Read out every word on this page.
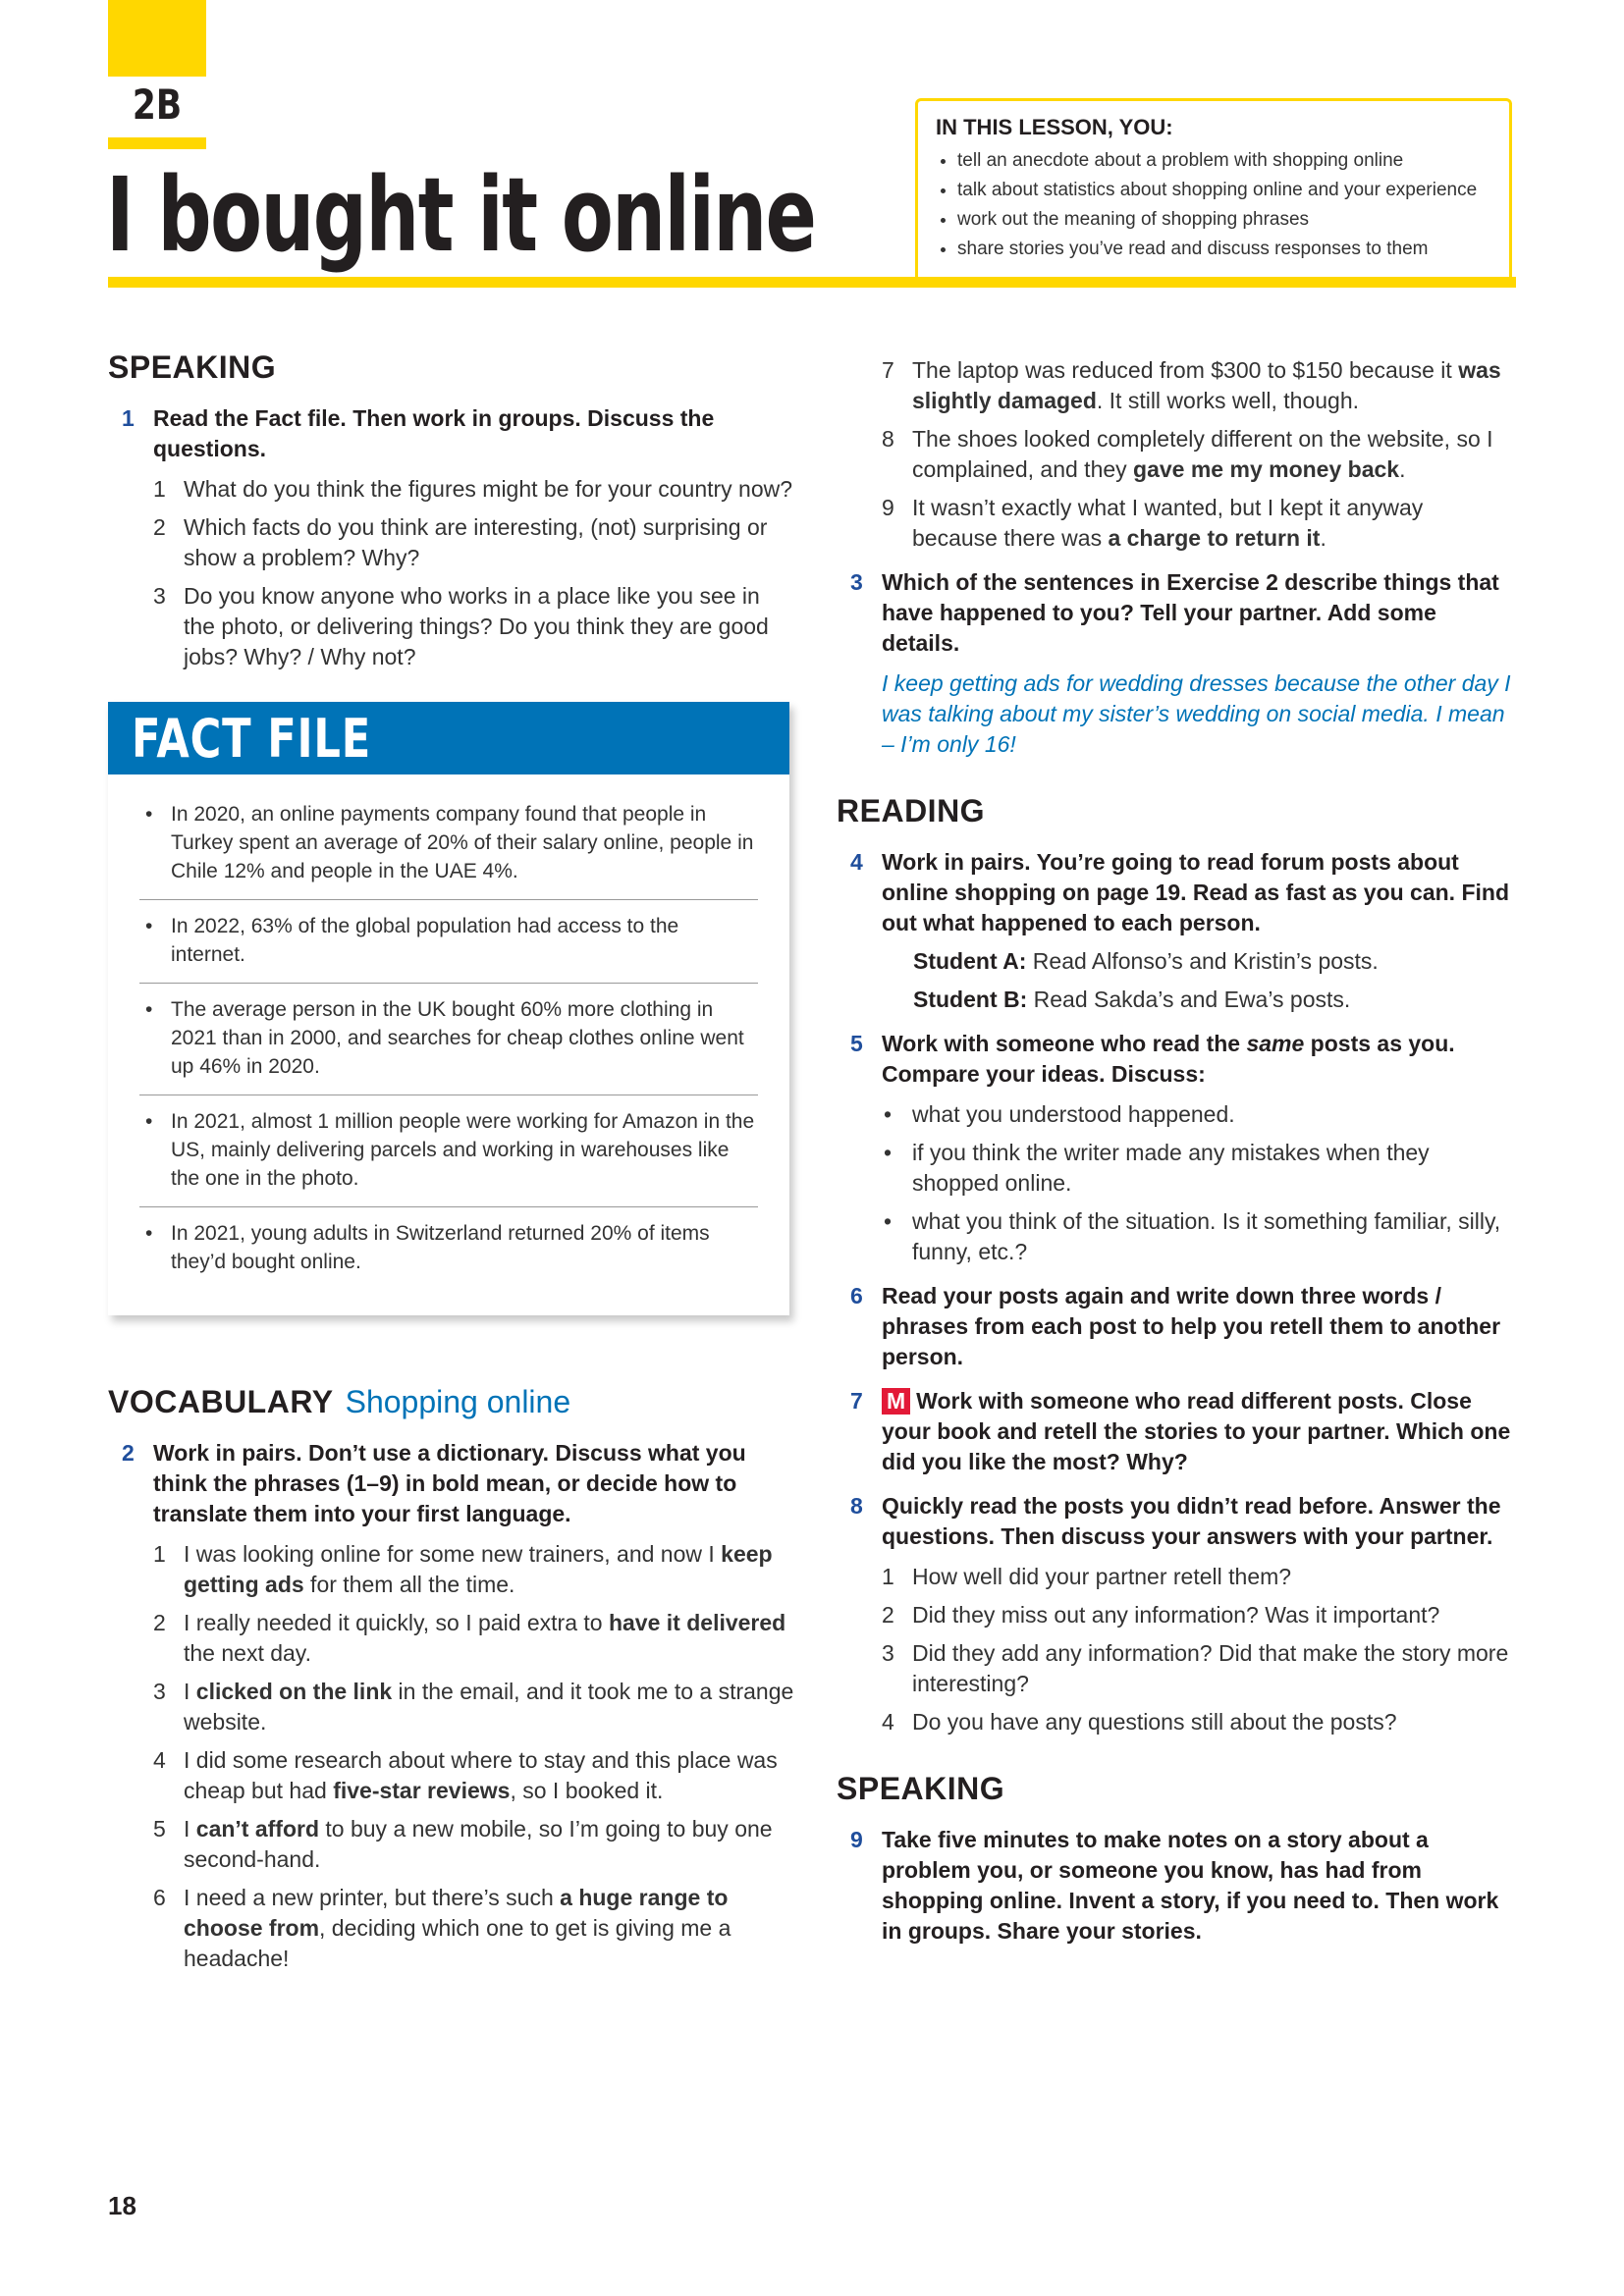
2B
I bought it online
IN THIS LESSON, YOU:
• tell an anecdote about a problem with shopping online
• talk about statistics about shopping online and your experience
• work out the meaning of shopping phrases
• share stories you’ve read and discuss responses to them
SPEAKING
1 Read the Fact file. Then work in groups. Discuss the questions.
1 What do you think the figures might be for your country now?
2 Which facts do you think are interesting, (not) surprising or show a problem? Why?
3 Do you know anyone who works in a place like you see in the photo, or delivering things? Do you think they are good jobs? Why? / Why not?
FACT FILE
• In 2020, an online payments company found that people in Turkey spent an average of 20% of their salary online, people in Chile 12% and people in the UAE 4%.
• In 2022, 63% of the global population had access to the internet.
• The average person in the UK bought 60% more clothing in 2021 than in 2000, and searches for cheap clothes online went up 46% in 2020.
• In 2021, almost 1 million people were working for Amazon in the US, mainly delivering parcels and working in warehouses like the one in the photo.
• In 2021, young adults in Switzerland returned 20% of items they’d bought online.
VOCABULARY Shopping online
2 Work in pairs. Don’t use a dictionary. Discuss what you think the phrases (1–9) in bold mean, or decide how to translate them into your first language.
1 I was looking online for some new trainers, and now I keep getting ads for them all the time.
2 I really needed it quickly, so I paid extra to have it delivered the next day.
3 I clicked on the link in the email, and it took me to a strange website.
4 I did some research about where to stay and this place was cheap but had five-star reviews, so I booked it.
5 I can’t afford to buy a new mobile, so I’m going to buy one second-hand.
6 I need a new printer, but there’s such a huge range to choose from, deciding which one to get is giving me a headache!
7 The laptop was reduced from $300 to $150 because it was slightly damaged. It still works well, though.
8 The shoes looked completely different on the website, so I complained, and they gave me my money back.
9 It wasn’t exactly what I wanted, but I kept it anyway because there was a charge to return it.
3 Which of the sentences in Exercise 2 describe things that have happened to you? Tell your partner. Add some details.
I keep getting ads for wedding dresses because the other day I was talking about my sister’s wedding on social media. I mean – I’m only 16!
READING
4 Work in pairs. You’re going to read forum posts about online shopping on page 19. Read as fast as you can. Find out what happened to each person.
Student A: Read Alfonso’s and Kristin’s posts.
Student B: Read Sakda’s and Ewa’s posts.
5 Work with someone who read the same posts as you. Compare your ideas. Discuss:
• what you understood happened.
• if you think the writer made any mistakes when they shopped online.
• what you think of the situation. Is it something familiar, silly, funny, etc.?
6 Read your posts again and write down three words / phrases from each post to help you retell them to another person.
7 M Work with someone who read different posts. Close your book and retell the stories to your partner. Which one did you like the most? Why?
8 Quickly read the posts you didn’t read before. Answer the questions. Then discuss your answers with your partner.
1 How well did your partner retell them?
2 Did they miss out any information? Was it important?
3 Did they add any information? Did that make the story more interesting?
4 Do you have any questions still about the posts?
SPEAKING
9 Take five minutes to make notes on a story about a problem you, or someone you know, has had from shopping online. Invent a story, if you need to. Then work in groups. Share your stories.
18
